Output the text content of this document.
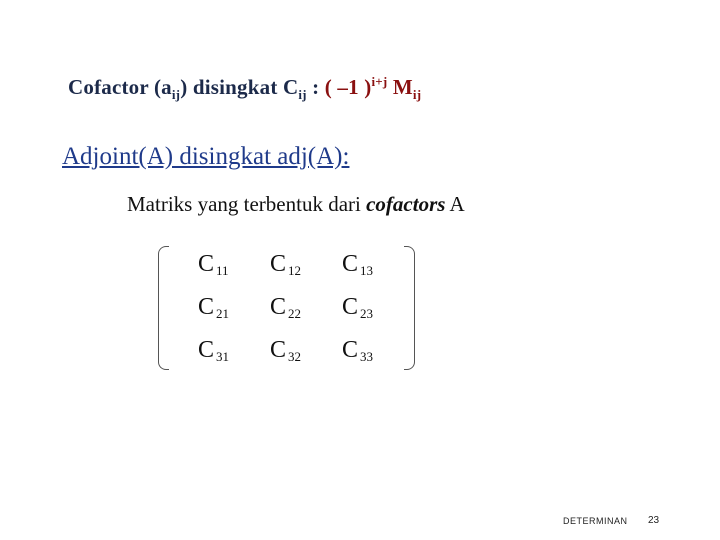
Cofactor $(a_{ij})$ disingkat $C_{ij}$ : ( –1 )$^{i+j}$ $M_{ij}$
Adjoint(A) disingkat adj(A):
Matriks yang terbentuk dari cofactors A
C $_{11}$ C $_{12}$ C $_{13}$
C $_{21}$ C $_{22}$ C $_{23}$
C $_{31}$ C $_{32}$ C $_{33}$
DETERMINAN 23
